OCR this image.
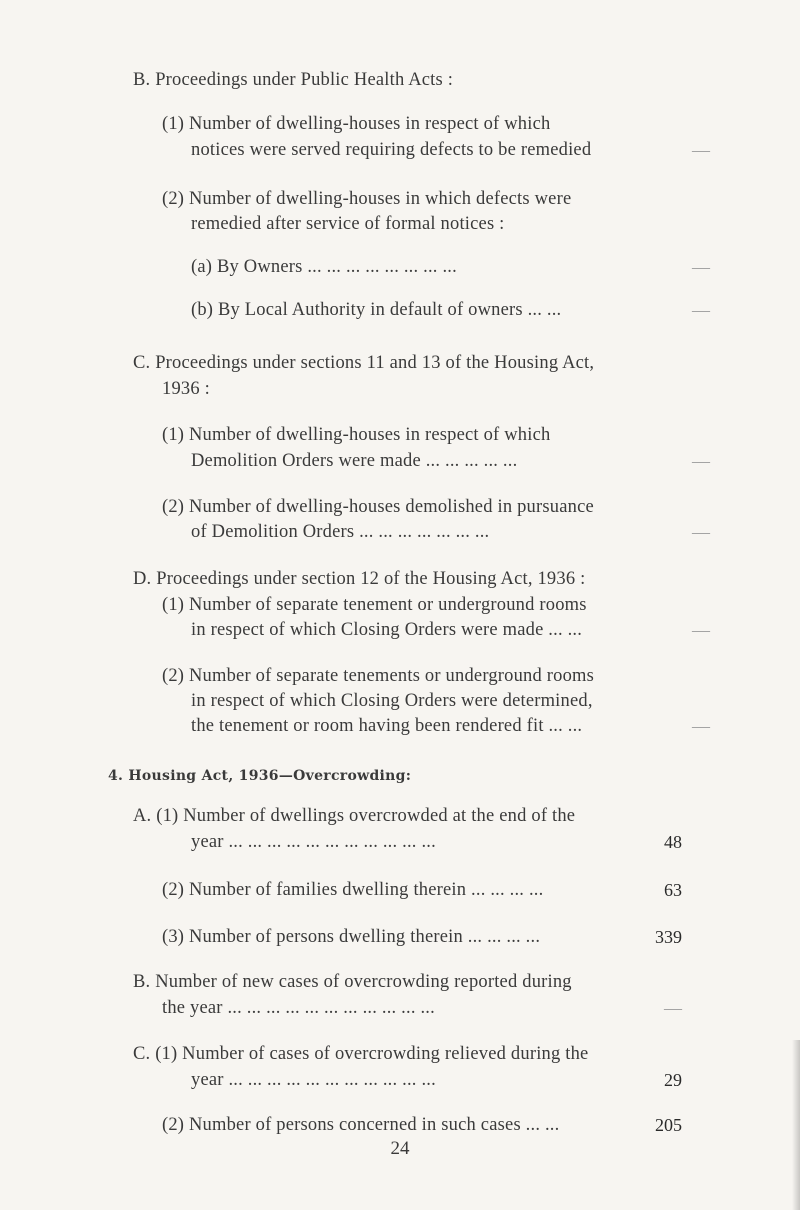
B. Proceedings under Public Health Acts :
(1) Number of dwelling-houses in respect of which
notices were served requiring defects to be remedied	—
(2) Number of dwelling-houses in which defects were
remedied after service of formal notices :
(a) By Owners ... ... ... ... ... ... ... ...	—
(b) By Local Authority in default of owners ... ...	—
C. Proceedings under sections 11 and 13 of the Housing Act,
1936 :
(1) Number of dwelling-houses in respect of which
Demolition Orders were made ... ... ... ... ...	—
(2) Number of dwelling-houses demolished in pursuance
of Demolition Orders ... ... ... ... ... ... ...	—
D. Proceedings under section 12 of the Housing Act, 1936 :
(1) Number of separate tenement or underground rooms
in respect of which Closing Orders were made ... ...	—
(2) Number of separate tenements or underground rooms
in respect of which Closing Orders were determined,
the tenement or room having been rendered fit ... ...	—
4. Housing Act, 1936—Overcrowding:
A. (1) Number of dwellings overcrowded at the end of the
year ... ... ... ... ... ... ... ... ... ... ...	48
(2) Number of families dwelling therein ... ... ... ...	63
(3) Number of persons dwelling therein ... ... ... ...	339
B. Number of new cases of overcrowding reported during
the year ... ... ... ... ... ... ... ... ... ... ...	—
C. (1) Number of cases of overcrowding relieved during the
year ... ... ... ... ... ... ... ... ... ... ...	29
(2) Number of persons concerned in such cases ... ...	205
24
